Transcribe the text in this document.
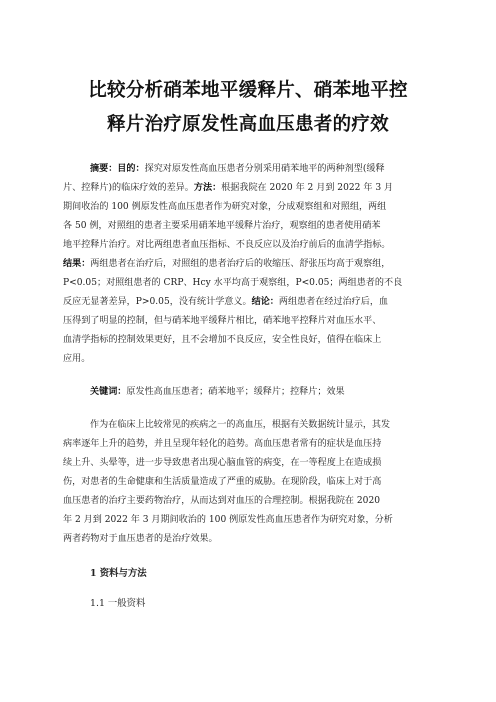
比较分析硝苯地平缓释片、硝苯地平控
释片治疗原发性高血压患者的疗效
摘要：目的：探究对原发性高血压患者分别采用硝苯地平的两种剂型(缓释
片、控释片)的临床疗效的差异。方法：根据我院在 2020 年 2 月到 2022 年 3 月
期间收治的 100 例原发性高血压患者作为研究对象，分成观察组和对照组，两组
各 50 例，对照组的患者主要采用硝苯地平缓释片治疗，观察组的患者使用硝苯
地平控释片治疗。对比两组患者血压指标、不良反应以及治疗前后的血清学指标。
结果：两组患者在治疗后，对照组的患者治疗后的收缩压、舒张压均高于观察组，
P<0.05；对照组患者的 CRP、Hcy 水平均高于观察组，P<0.05；两组患者的不良
反应无显著差异，P>0.05，没有统计学意义。结论：两组患者在经过治疗后，血
压得到了明显的控制，但与硝苯地平缓释片相比，硝苯地平控释片对血压水平、
血清学指标的控制效果更好，且不会增加不良反应，安全性良好，值得在临床上
应用。
关键词：原发性高血压患者；硝苯地平；缓释片；控释片；效果
作为在临床上比较常见的疾病之一的高血压，根据有关数据统计显示，其发
病率逐年上升的趋势，并且呈现年轻化的趋势。高血压患者常有的症状是血压持
续上升、头晕等，进一步导致患者出现心脑血管的病变，在一等程度上在造成损
伤，对患者的生命健康和生活质量造成了严重的威胁。在现阶段，临床上对于高
血压患者的治疗主要药物治疗，从而达到对血压的合理控制。根据我院在 2020
年 2 月到 2022 年 3 月期间收治的 100 例原发性高血压患者作为研究对象，分析
两者药物对于血压患者的是治疗效果。
1 资料与方法
1.1 一般资料
